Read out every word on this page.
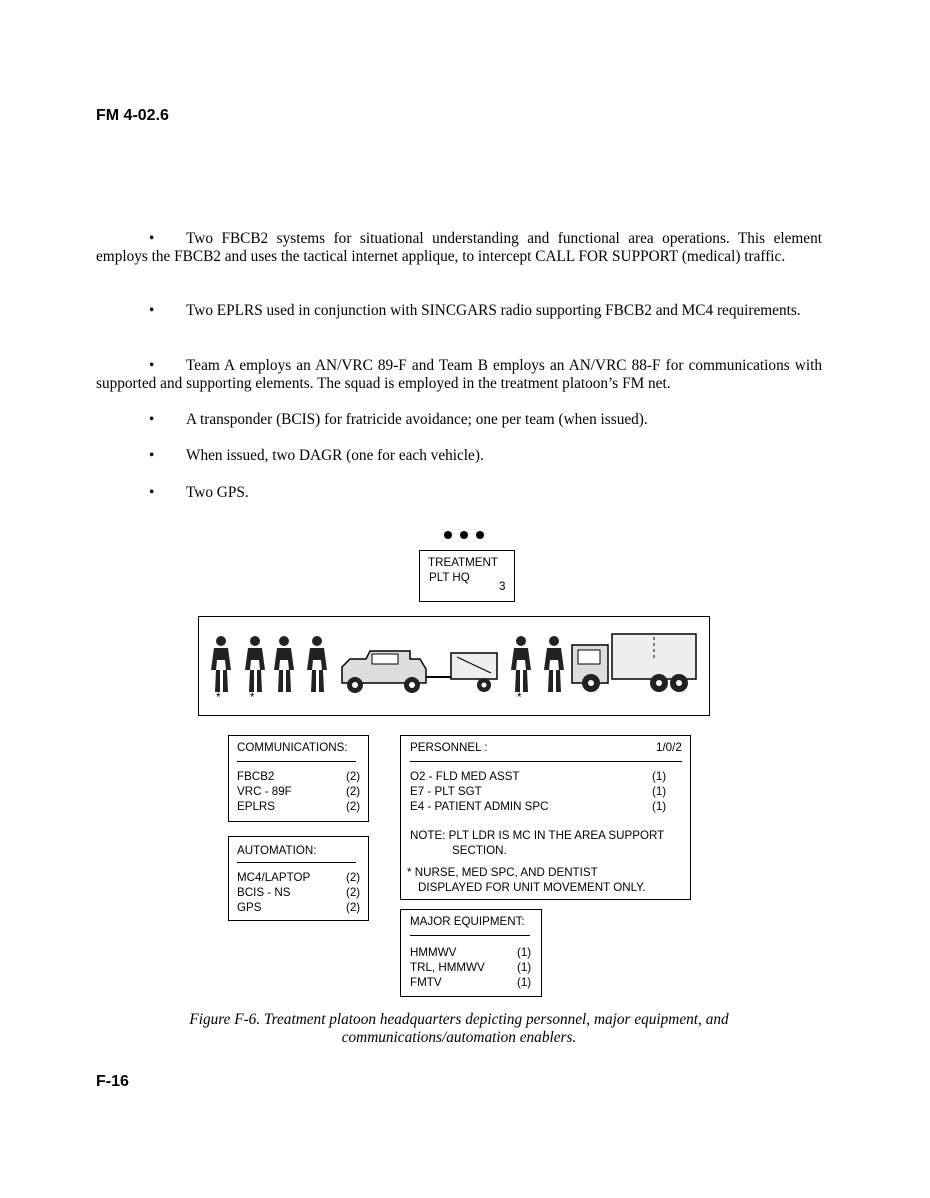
FM 4-02.6

• Two FBCB2 systems for situational understanding and functional area operations. This element employs the FBCB2 and uses the tactical internet applique, to intercept CALL FOR SUPPORT (medical) traffic.

• Two EPLRS used in conjunction with SINCGARS radio supporting FBCB2 and MC4 requirements.

• Team A employs an AN/VRC 89-F and Team B employs an AN/VRC 88-F for communications with supported and supporting elements. The squad is employed in the treatment platoon’s FM net.

• A transponder (BCIS) for fratricide avoidance; one per team (when issued).

• When issued, two DAGR (one for each vehicle).

• Two GPS.

TREATMENT
PLT HQ
3
*	*	*
COMMUNICATIONS:
FBCB2	(2)
VRC - 89F	(2)
EPLRS	(2)
AUTOMATION:
MC4/LAPTOP	(2)
BCIS - NS	(2)
GPS	(2)
PERSONNEL :	1/0/2
O2 - FLD MED ASST	(1)
E7 - PLT SGT	(1)
E4 - PATIENT ADMIN SPC	(1)
NOTE: PLT LDR IS MC IN THE AREA SUPPORT
SECTION.
* NURSE, MED SPC, AND DENTIST
DISPLAYED FOR UNIT MOVEMENT ONLY.
MAJOR EQUIPMENT:
HMMWV	(1)
TRL, HMMWV	(1)
FMTV	(1)
Figure F-6. Treatment platoon headquarters depicting personnel, major equipment, and
communications/automation enablers.
F-16
